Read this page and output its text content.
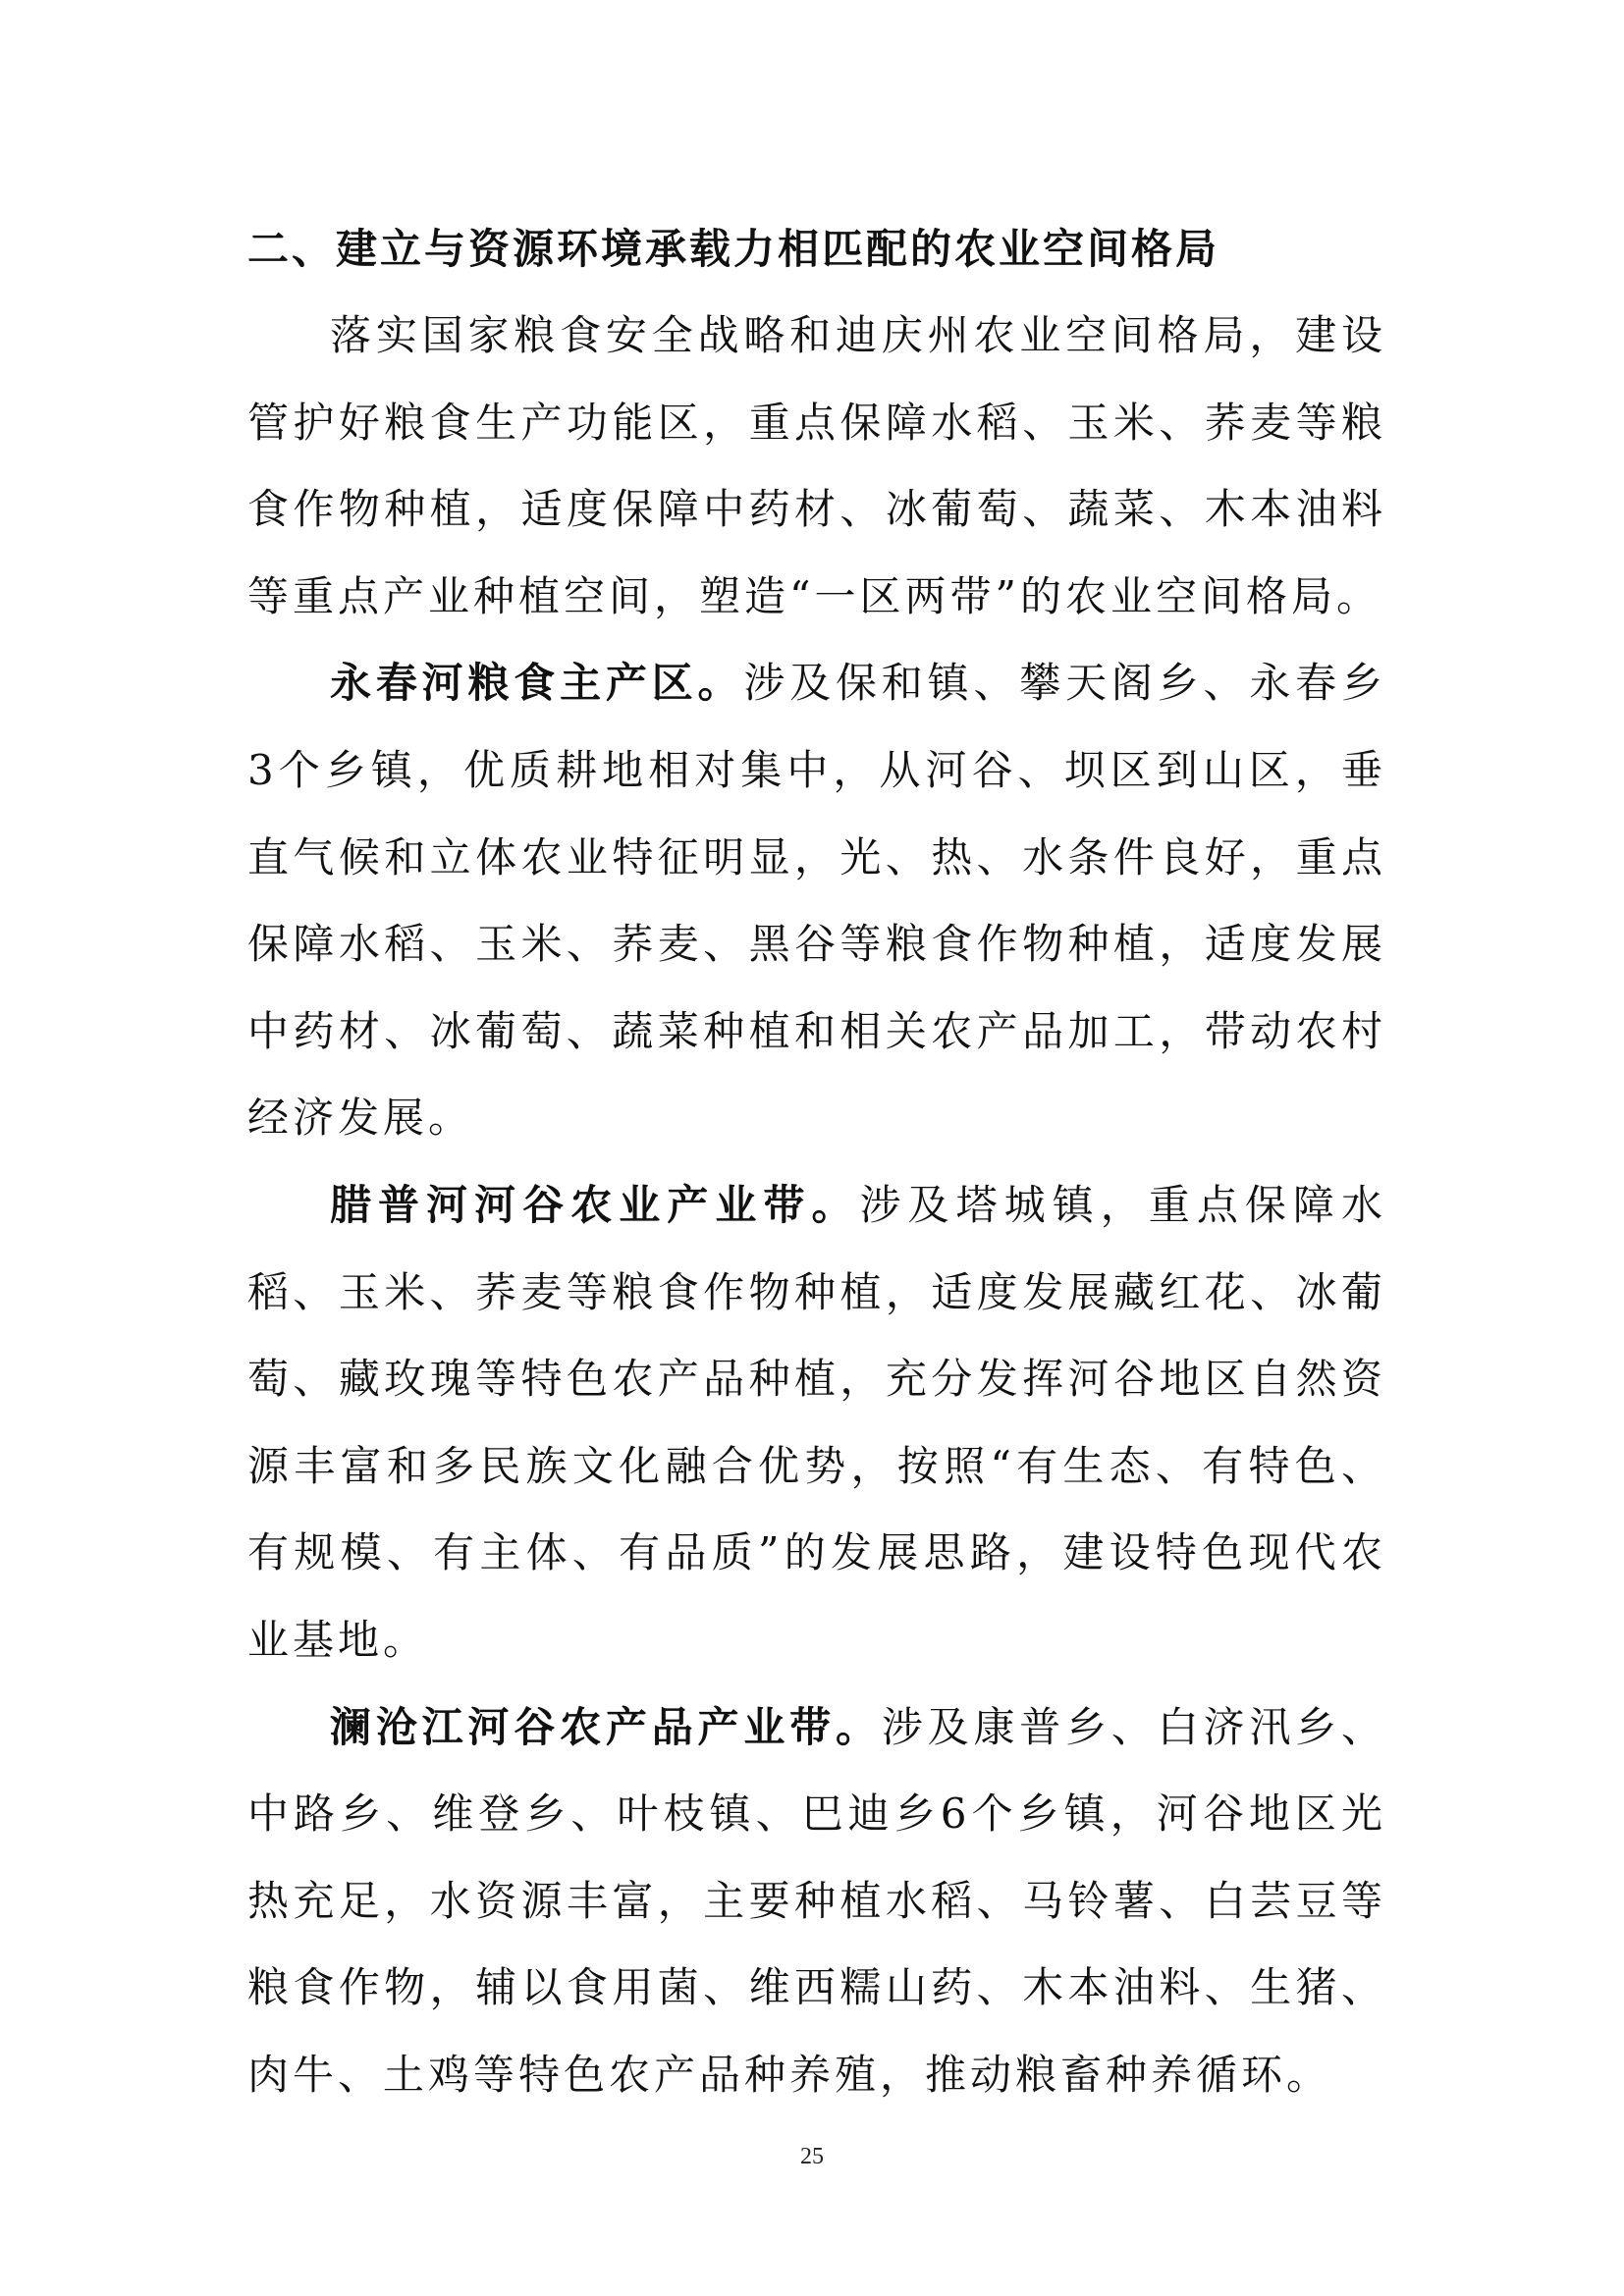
二、建立与资源环境承载力相匹配的农业空间格局

落实国家粮食安全战略和迪庆州农业空间格局，建设管护好粮食生产功能区，重点保障水稻、玉米、荞麦等粮食作物种植，适度保障中药材、冰葡萄、蔬菜、木本油料等重点产业种植空间，塑造“一区两带”的农业空间格局。

永春河粮食主产区。涉及保和镇、攀天阁乡、永春乡3个乡镇，优质耕地相对集中，从河谷、坝区到山区，垂直气候和立体农业特征明显，光、热、水条件良好，重点保障水稻、玉米、荞麦、黑谷等粮食作物种植，适度发展中药材、冰葡萄、蔬菜种植和相关农产品加工，带动农村经济发展。

腊普河河谷农业产业带。涉及塔城镇，重点保障水稻、玉米、荞麦等粮食作物种植，适度发展藏红花、冰葡萄、藏玫瑰等特色农产品种植，充分发挥河谷地区自然资源丰富和多民族文化融合优势，按照“有生态、有特色、有规模、有主体、有品质”的发展思路，建设特色现代农业基地。

澜沧江河谷农产品产业带。涉及康普乡、白济汛乡、中路乡、维登乡、叶枝镇、巴迪乡6个乡镇，河谷地区光热充足，水资源丰富，主要种植水稻、马铃薯、白芸豆等粮食作物，辅以食用菌、维西糯山药、木本油料、生猪、肉牛、土鸡等特色农产品种养殖，推动粮畜种养循环。

25
